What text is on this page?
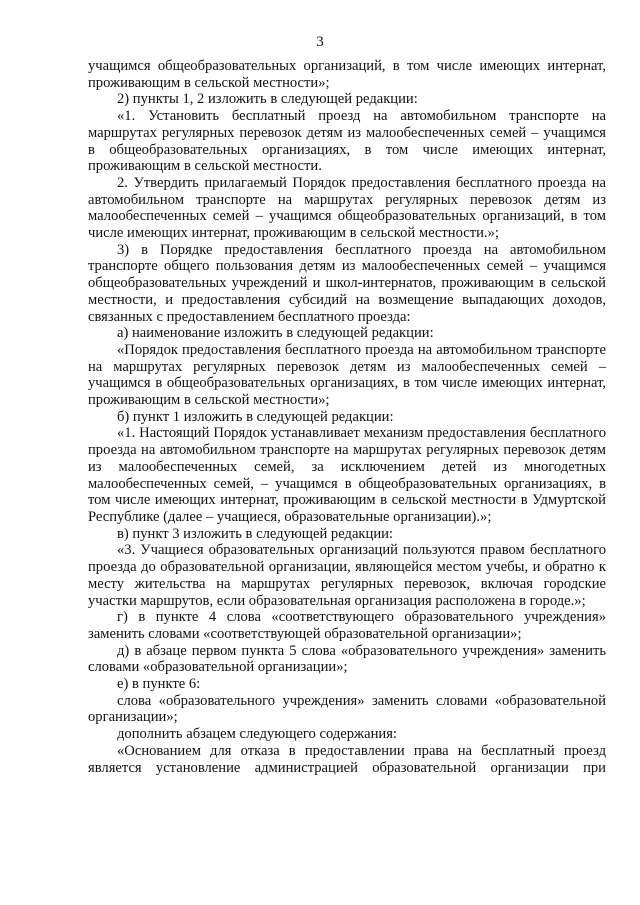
3

учащимся общеобразовательных организаций, в том числе имеющих интернат, проживающим в сельской местности»;

2) пункты 1, 2 изложить в следующей редакции:

«1. Установить бесплатный проезд на автомобильном транспорте на маршрутах регулярных перевозок детям из малообеспеченных семей – учащимся в общеобразовательных организациях, в том числе имеющих интернат, проживающим в сельской местности.

2. Утвердить прилагаемый Порядок предоставления бесплатного проезда на автомобильном транспорте на маршрутах регулярных перевозок детям из малообеспеченных семей – учащимся общеобразовательных организаций, в том числе имеющих интернат, проживающим в сельской местности.»;

3) в Порядке предоставления бесплатного проезда на автомобильном транспорте общего пользования детям из малообеспеченных семей – учащимся общеобразовательных учреждений и школ-интернатов, проживающим в сельской местности, и предоставления субсидий на возмещение выпадающих доходов, связанных с предоставлением бесплатного проезда:

а) наименование изложить в следующей редакции:

«Порядок предоставления бесплатного проезда на автомобильном транспорте на маршрутах регулярных перевозок детям из малообеспеченных семей – учащимся в общеобразовательных организациях, в том числе имеющих интернат, проживающим в сельской местности»;

б) пункт 1 изложить в следующей редакции:

«1. Настоящий Порядок устанавливает механизм предоставления бесплатного проезда на автомобильном транспорте на маршрутах регулярных перевозок детям из малообеспеченных семей, за исключением детей из многодетных малообеспеченных семей, – учащимся в общеобразовательных организациях, в том числе имеющих интернат, проживающим в сельской местности в Удмуртской Республике (далее – учащиеся, образовательные организации).»;

в) пункт 3 изложить в следующей редакции:

«3. Учащиеся образовательных организаций пользуются правом бесплатного проезда до образовательной организации, являющейся местом учебы, и обратно к месту жительства на маршрутах регулярных перевозок, включая городские участки маршрутов, если образовательная организация расположена в городе.»;

г) в пункте 4 слова «соответствующего образовательного учреждения» заменить словами «соответствующей образовательной организации»;

д) в абзаце первом пункта 5 слова «образовательного учреждения» заменить словами «образовательной организации»;

е) в пункте 6:

слова «образовательного учреждения» заменить словами «образовательной организации»;

дополнить абзацем следующего содержания:

«Основанием для отказа в предоставлении права на бесплатный проезд является установление администрацией образовательной организации при
